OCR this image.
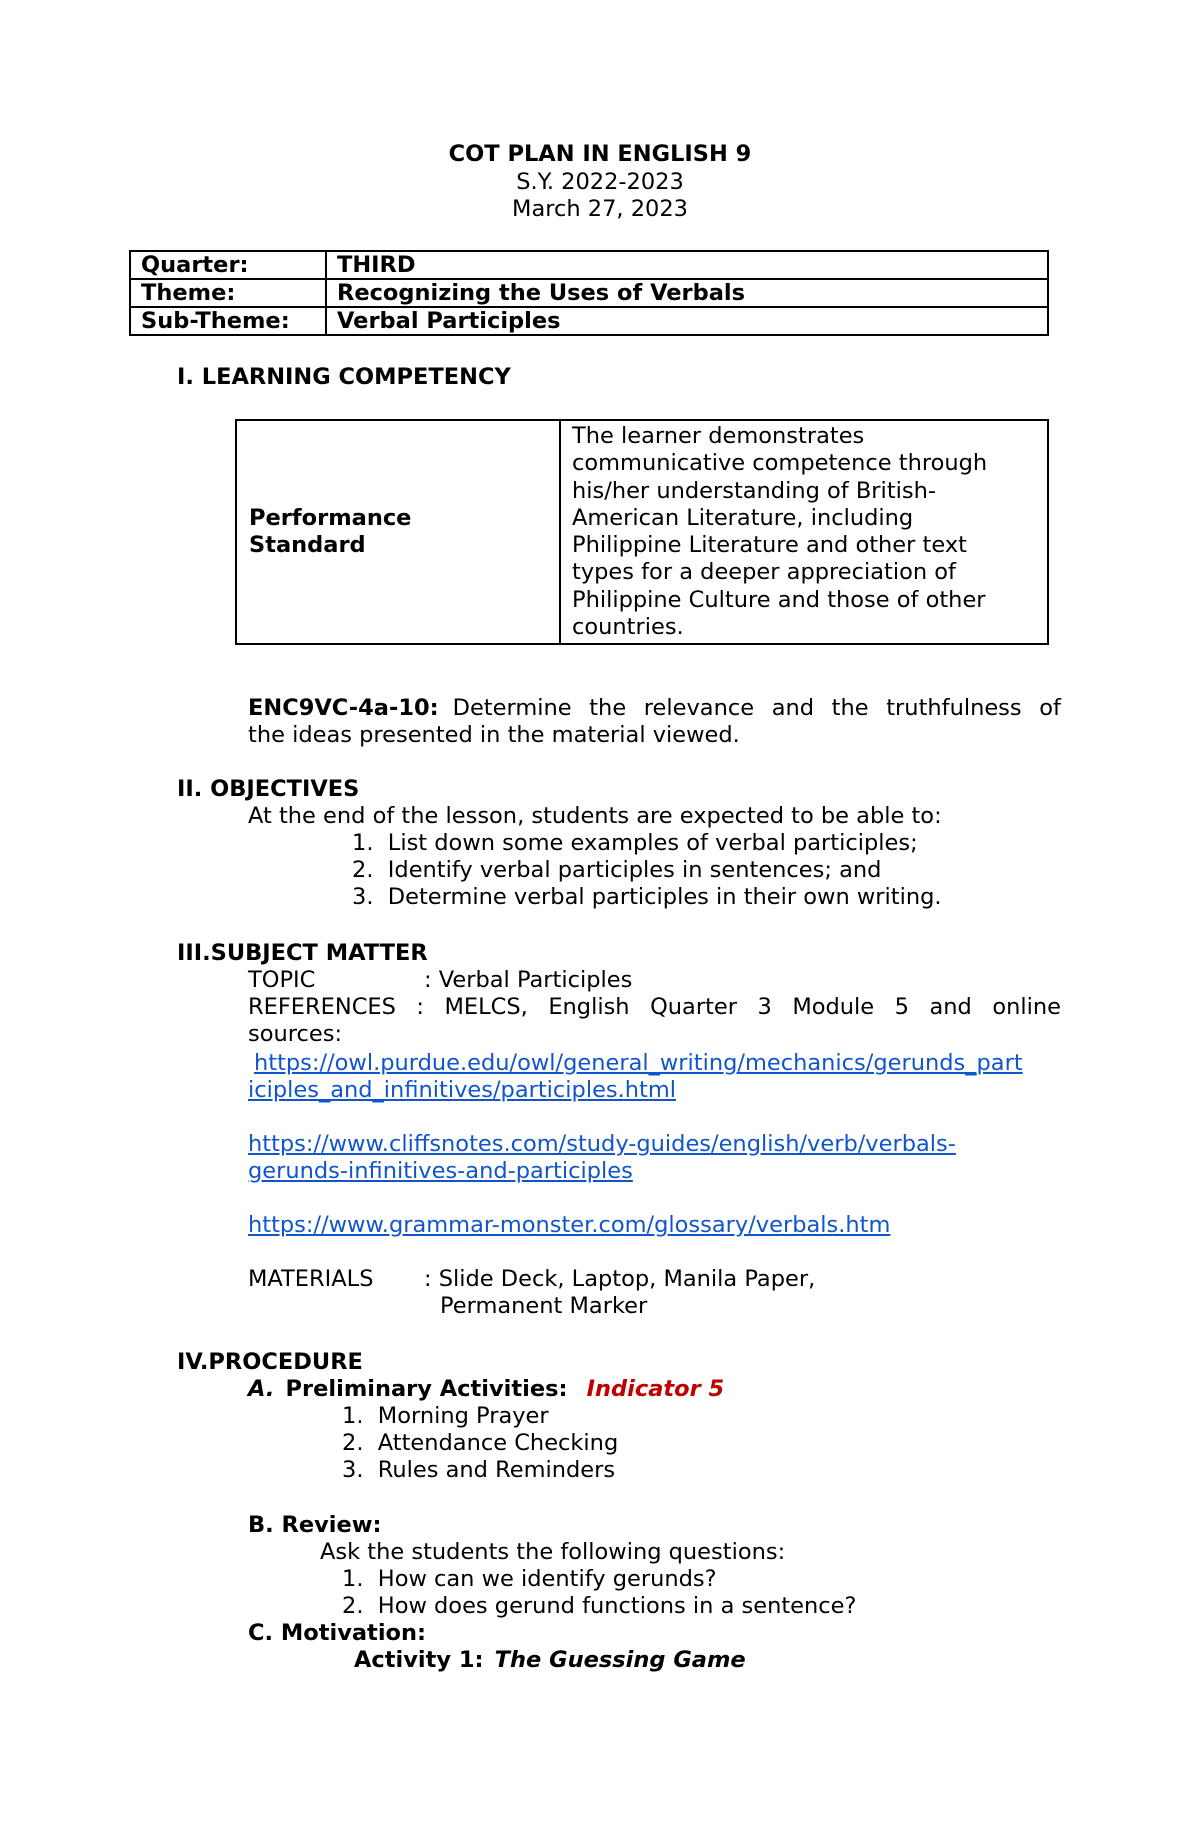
COT PLAN IN ENGLISH 9
S.Y. 2022-2023
March 27, 2023
Quarter:	THIRD
Theme:	Recognizing the Uses of Verbals
Sub-Theme:	Verbal Participles
I. LEARNING COMPETENCY
Performance
Standard

The learner demonstrates
communicative competence through
his/her understanding of British-
American Literature, including
Philippine Literature and other text
types for a deeper appreciation of
Philippine Culture and those of other
countries.
ENC9VC-4a-10: Determine the relevance and the truthfulness of
the ideas presented in the material viewed.
II. OBJECTIVES
At the end of the lesson, students are expected to be able to:
1.  List down some examples of verbal participles;
2.  Identify verbal participles in sentences; and
3.  Determine verbal participles in their own writing.
III.SUBJECT MATTER
TOPIC	: Verbal Participles
REFERENCES : MELCS, English Quarter 3 Module 5 and online
sources:
https://owl.purdue.edu/owl/general_writing/mechanics/gerunds_part
iciples_and_infinitives/participles.html
https://www.cliffsnotes.com/study-guides/english/verb/verbals-
gerunds-infinitives-and-participles
https://www.grammar-monster.com/glossary/verbals.htm
MATERIALS : Slide Deck, Laptop, Manila Paper,
Permanent Marker
IV.PROCEDURE
A. Preliminary Activities: Indicator 5
1.  Morning Prayer
2.  Attendance Checking
3.  Rules and Reminders
B. Review:
Ask the students the following questions:
1.  How can we identify gerunds?
2.  How does gerund functions in a sentence?
C. Motivation:
Activity 1: The Guessing Game
